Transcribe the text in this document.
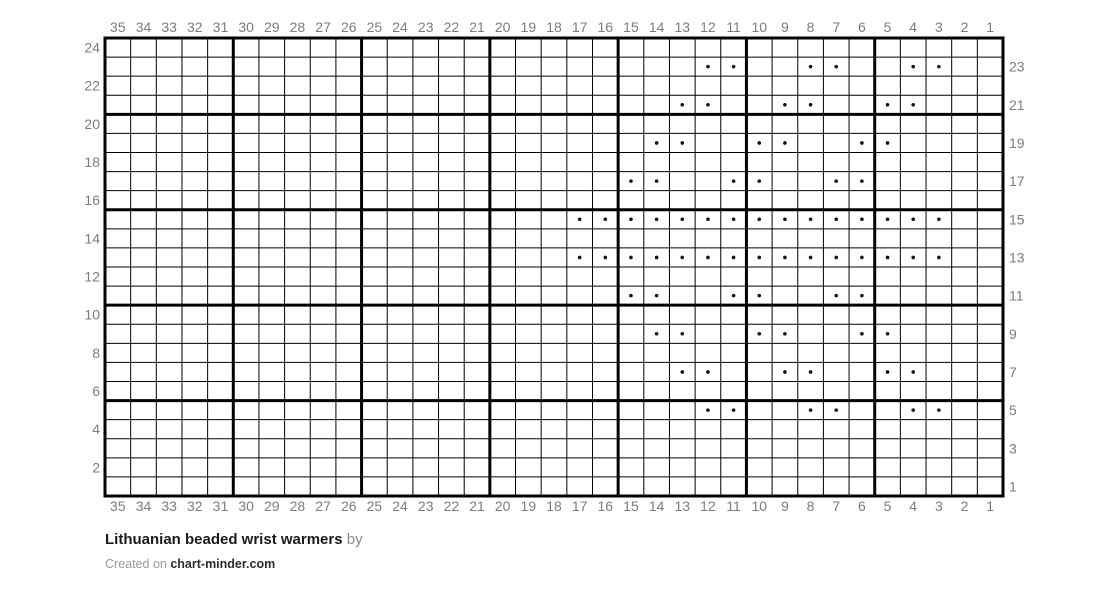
35
35
34
34
33
33
32
32
31
31
30
30
29
29
28
28
27
27
26
26
25
25
24
24
23
23
22
22
21
21
20
20
19
19
18
18
17
17
16
16
15
15
14
14
13
13
12
12
11
11
10
10
9
9
8
8
7
7
6
6
5
5
4
4
3
3
2
2
1
1
24
22
20
18
16
14
12
10
8
6
4
2
23
21
19
17
15
13
11
9
7
5
3
1
Lithuanian beaded wrist warmers by
Created on chart-minder.com
